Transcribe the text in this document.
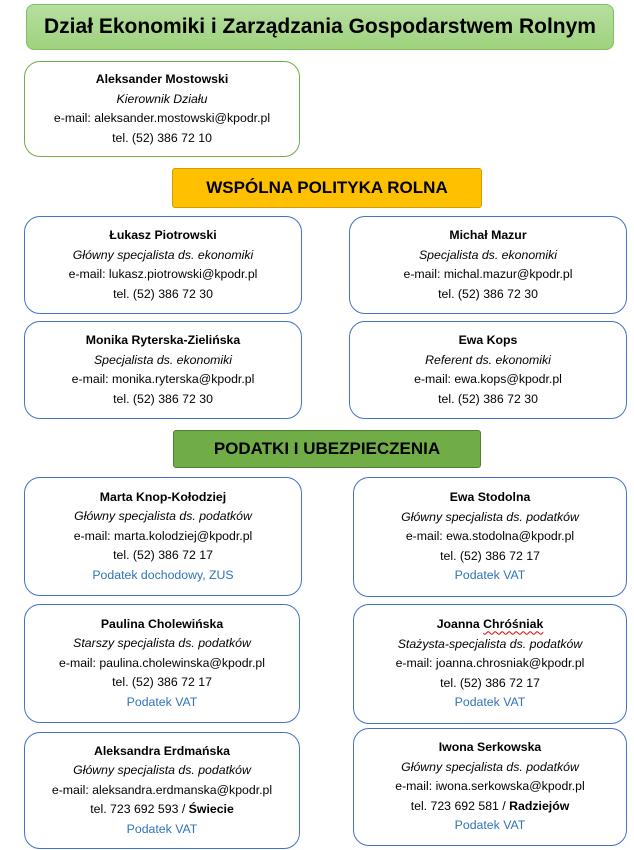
Dział Ekonomiki i Zarządzania Gospodarstwem Rolnym
Aleksander Mostowski
Kierownik Działu
e-mail: aleksander.mostowski@kpodr.pl
tel. (52) 386 72 10
WSPÓLNA POLITYKA ROLNA
Łukasz Piotrowski
Główny specjalista ds. ekonomiki
e-mail: lukasz.piotrowski@kpodr.pl
tel. (52) 386 72 30
Michał Mazur
Specjalista ds. ekonomiki
e-mail: michal.mazur@kpodr.pl
tel. (52) 386 72 30
Monika Ryterska-Zielińska
Specjalista ds. ekonomiki
e-mail: monika.ryterska@kpodr.pl
tel. (52) 386 72 30
Ewa Kops
Referent ds. ekonomiki
e-mail: ewa.kops@kpodr.pl
tel. (52) 386 72 30
PODATKI I UBEZPIECZENIA
Marta Knop-Kołodziej
Główny specjalista ds. podatków
e-mail: marta.kolodziej@kpodr.pl
tel. (52) 386 72 17
Podatek dochodowy, ZUS
Ewa Stodolna
Główny specjalista ds. podatków
e-mail: ewa.stodolna@kpodr.pl
tel. (52) 386 72 17
Podatek VAT
Paulina Cholewińska
Starszy specjalista ds. podatków
e-mail: paulina.cholewinska@kpodr.pl
tel. (52) 386 72 17
Podatek VAT
Joanna Chróśniak
Stażysta-specjalista ds. podatków
e-mail: joanna.chrosniak@kpodr.pl
tel. (52) 386 72 17
Podatek VAT
Aleksandra Erdmańska
Główny specjalista ds. podatków
e-mail: aleksandra.erdmanska@kpodr.pl
tel. 723 692 593 / Świecie
Podatek VAT
Iwona Serkowska
Główny specjalista ds. podatków
e-mail: iwona.serkowska@kpodr.pl
tel. 723 692 581 / Radziejów
Podatek VAT
